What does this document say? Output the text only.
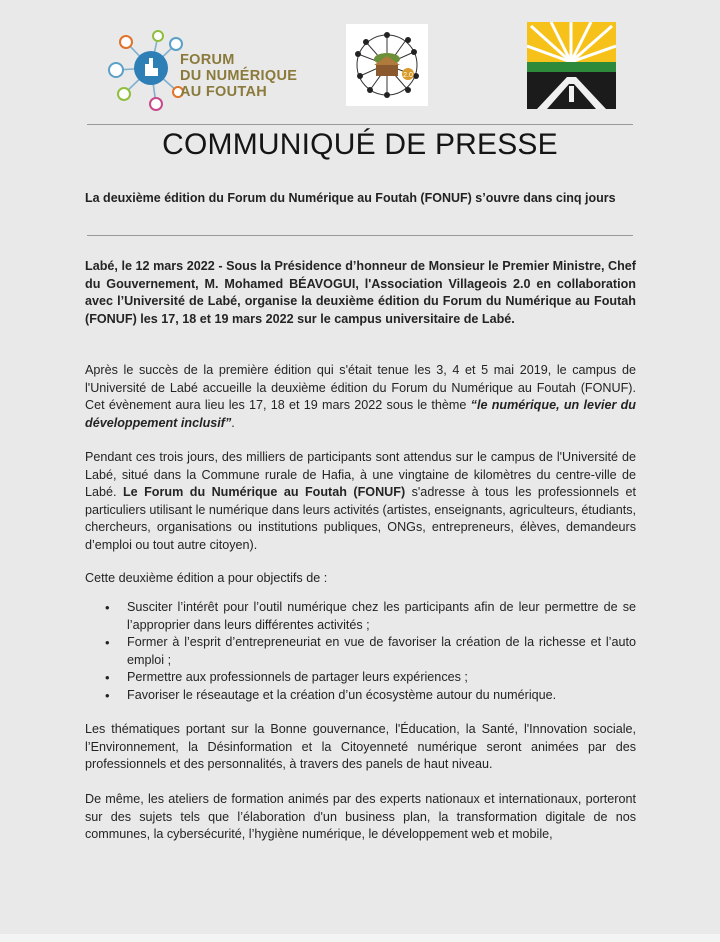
FORUM
DU NUMÉRIQUE
AU FOUTAH
2.0
COMMUNIQUÉ DE PRESSE
La deuxième édition du Forum du Numérique au Foutah (FONUF) s’ouvre dans cinq jours

Labé, le 12 mars 2022 - Sous la Présidence d’honneur de Monsieur le Premier Ministre, Chef du Gouvernement, M. Mohamed BÉAVOGUI, l'Association Villageois 2.0 en collaboration avec l’Université de Labé, organise la deuxième édition du Forum du Numérique au Foutah (FONUF) les 17, 18 et 19 mars 2022 sur le campus universitaire de Labé.

Après le succès de la première édition qui s'était tenue les 3, 4 et 5 mai 2019, le campus de l'Université de Labé accueille la deuxième édition du Forum du Numérique au Foutah (FONUF). Cet évènement aura lieu les 17, 18 et 19 mars 2022 sous le thème “le numérique, un levier du développement inclusif”.

Pendant ces trois jours, des milliers de participants sont attendus sur le campus de l'Université de Labé, situé dans la Commune rurale de Hafia, à une vingtaine de kilomètres du centre-ville de Labé. Le Forum du Numérique au Foutah (FONUF) s'adresse à tous les professionnels et particuliers utilisant le numérique dans leurs activités (artistes, enseignants, agriculteurs, étudiants, chercheurs, organisations ou institutions publiques, ONGs, entrepreneurs, élèves, demandeurs d’emploi ou tout autre citoyen).

Cette deuxième édition a pour objectifs de :

• Susciter l’intérêt pour l’outil numérique chez les participants afin de leur permettre de se l’approprier dans leurs différentes activités ;
• Former à l’esprit d’entrepreneuriat en vue de favoriser la création de la richesse et l’auto emploi ;
• Permettre aux professionnels de partager leurs expériences ;
• Favoriser le réseautage et la création d’un écosystème autour du numérique.

Les thématiques portant sur la Bonne gouvernance, l'Éducation, la Santé, l'Innovation sociale, l’Environnement, la Désinformation et la Citoyenneté numérique seront animées par des professionnels et des personnalités, à travers des panels de haut niveau.

De même, les ateliers de formation animés par des experts nationaux et internationaux, porteront sur des sujets tels que l’élaboration d'un business plan, la transformation digitale de nos communes, la cybersécurité, l’hygiène numérique, le développement web et mobile,
